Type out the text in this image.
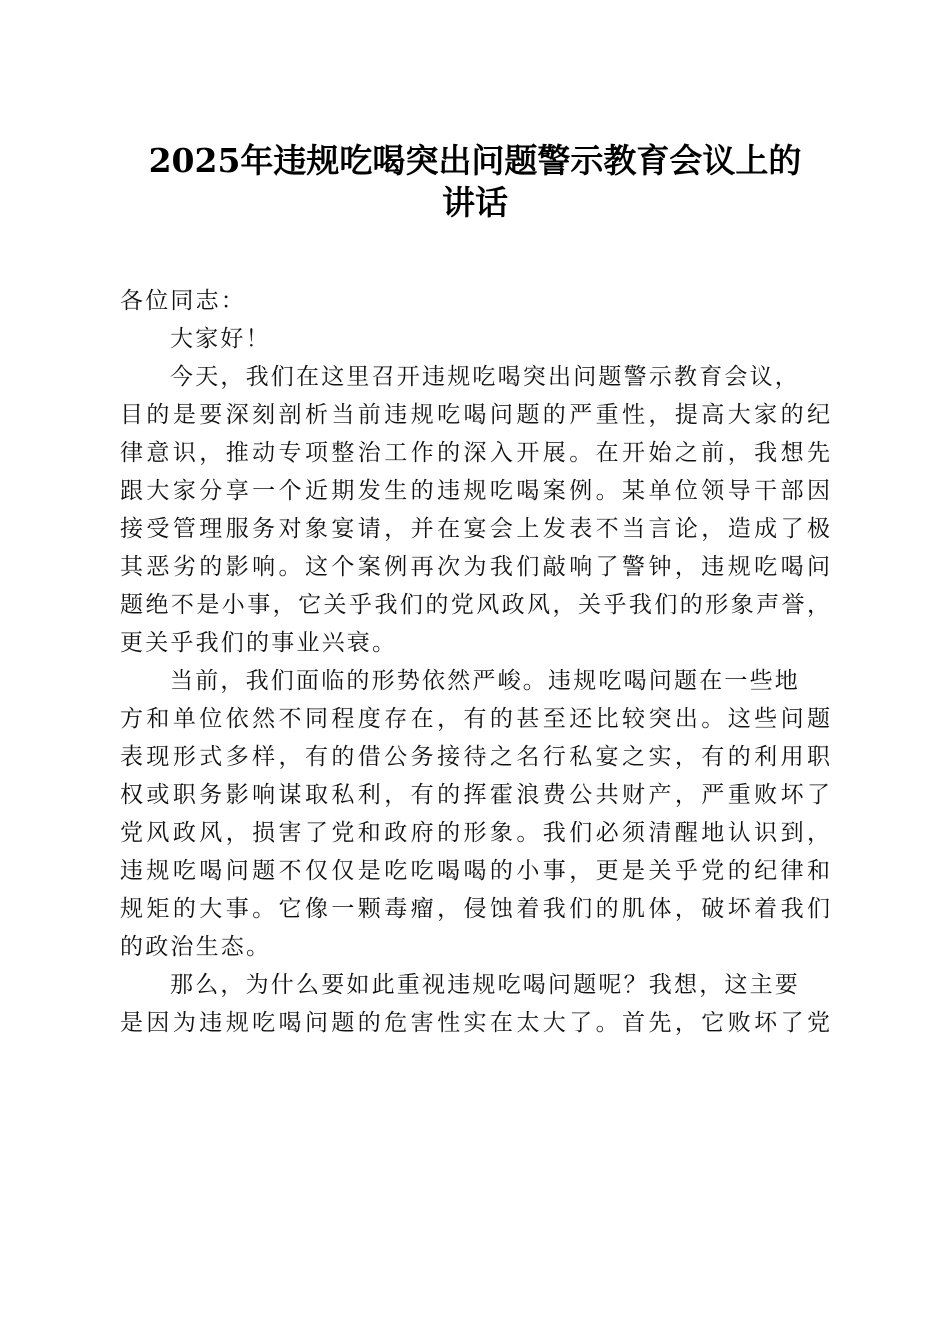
2025年违规吃喝突出问题警示教育会议上的
讲话
各位同志：
大家好！
今天，我们在这里召开违规吃喝突出问题警示教育会议，
目的是要深刻剖析当前违规吃喝问题的严重性，提高大家的纪
律意识，推动专项整治工作的深入开展。在开始之前，我想先
跟大家分享一个近期发生的违规吃喝案例。某单位领导干部因
接受管理服务对象宴请，并在宴会上发表不当言论，造成了极
其恶劣的影响。这个案例再次为我们敲响了警钟，违规吃喝问
题绝不是小事，它关乎我们的党风政风，关乎我们的形象声誉，
更关乎我们的事业兴衰。
当前，我们面临的形势依然严峻。违规吃喝问题在一些地
方和单位依然不同程度存在，有的甚至还比较突出。这些问题
表现形式多样，有的借公务接待之名行私宴之实，有的利用职
权或职务影响谋取私利，有的挥霍浪费公共财产，严重败坏了
党风政风，损害了党和政府的形象。我们必须清醒地认识到，
违规吃喝问题不仅仅是吃吃喝喝的小事，更是关乎党的纪律和
规矩的大事。它像一颗毒瘤，侵蚀着我们的肌体，破坏着我们
的政治生态。
那么，为什么要如此重视违规吃喝问题呢？我想，这主要
是因为违规吃喝问题的危害性实在太大了。首先，它败坏了党
